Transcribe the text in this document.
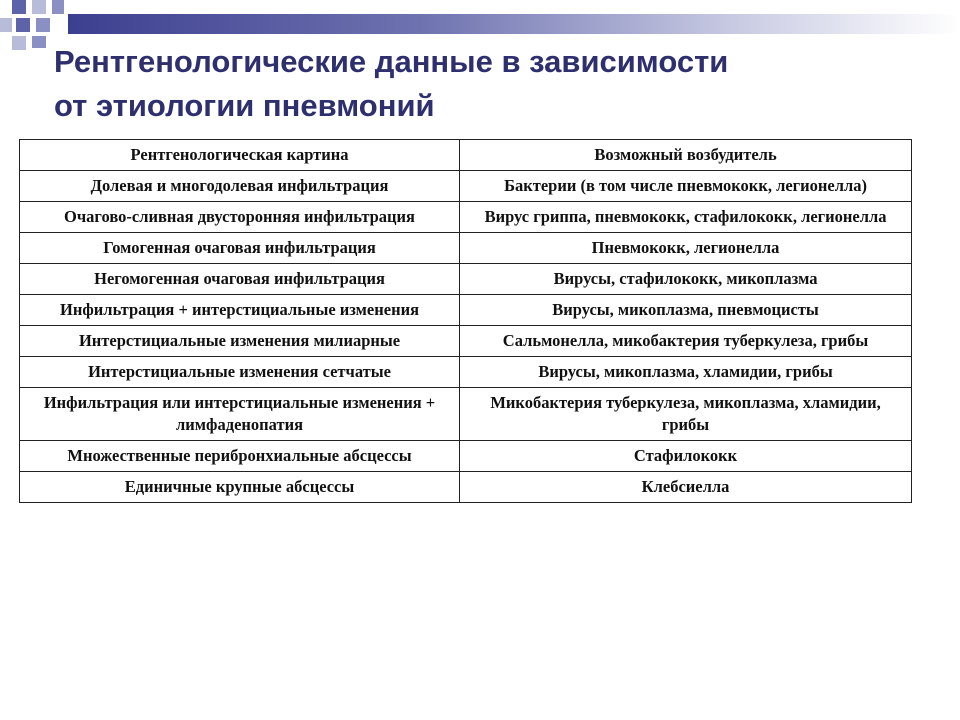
Рентгенологические данные в зависимости
от этиологии пневмоний
Рентгенологическая картина	Возможный возбудитель
Долевая и многодолевая инфильтрация	Бактерии (в том числе пневмококк, легионелла)
Очагово-сливная двусторонняя инфильтрация	Вирус гриппа, пневмококк, стафилококк, легионелла
Гомогенная очаговая инфильтрация	Пневмококк, легионелла
Негомогенная очаговая инфильтрация	Вирусы, стафилококк, микоплазма
Инфильтрация + интерстициальные изменения	Вирусы, микоплазма, пневмоцисты
Интерстициальные изменения милиарные	Сальмонелла, микобактерия туберкулеза, грибы
Интерстициальные изменения сетчатые	Вирусы, микоплазма, хламидии, грибы
Инфильтрация или интерстициальные изменения + лимфаденопатия	Микобактерия туберкулеза, микоплазма, хламидии, грибы
Множественные перибронхиальные абсцессы	Стафилококк
Единичные крупные абсцессы	Клебсиелла
